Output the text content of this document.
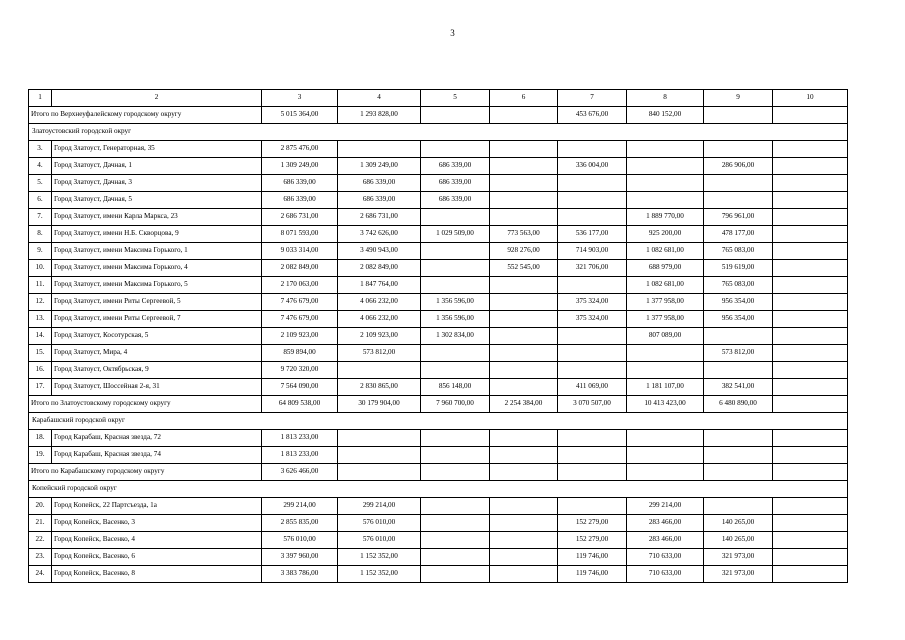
3
1	2	3	4	5	6	7	8	9	10
Итого по Верхнеуфалейскому городскому округу		5 015 364,00	1 293 828,00			453 676,00	840 152,00		
Златоустовский городской округ									
3.	Город Златоуст, Генераторная, 35	2 875 476,00							
4.	Город Златоуст, Дачная, 1	1 309 249,00	1 309 249,00	686 339,00		336 004,00		286 906,00	
5.	Город Златоуст, Дачная, 3	686 339,00	686 339,00	686 339,00					
6.	Город Златоуст, Дачная, 5	686 339,00	686 339,00	686 339,00					
7.	Город Златоуст, имени Карла Маркса, 23	2 686 731,00	2 686 731,00				1 889 770,00	796 961,00	
8.	Город Златоуст, имени Н.Б. Скворцова, 9	8 071 593,00	3 742 626,00	1 029 509,00	773 563,00	536 177,00	925 200,00	478 177,00	
9.	Город Златоуст, имени Максима Горького, 1	9 033 314,00	3 490 943,00		928 276,00	714 903,00	1 082 681,00	765 083,00	
10.	Город Златоуст, имени Максима Горького, 4	2 082 849,00	2 082 849,00		552 545,00	321 706,00	688 979,00	519 619,00	
11.	Город Златоуст, имени Максима Горького, 5	2 170 063,00	1 847 764,00				1 082 681,00	765 083,00	
12.	Город Златоуст, имени Риты Сергеевой, 5	7 476 679,00	4 066 232,00	1 356 596,00		375 324,00	1 377 958,00	956 354,00	
13.	Город Златоуст, имени Риты Сергеевой, 7	7 476 679,00	4 066 232,00	1 356 596,00		375 324,00	1 377 958,00	956 354,00	
14.	Город Златоуст, Косотурская, 5	2 109 923,00	2 109 923,00	1 302 834,00			807 089,00		
15.	Город Златоуст, Мира, 4	859 894,00	573 812,00					573 812,00	
16.	Город Златоуст, Октябрьская, 9	9 720 320,00							
17.	Город Златоуст, Шоссейная 2-я, 31	7 564 090,00	2 830 865,00	856 148,00		411 069,00	1 181 107,00	382 541,00	
Итого по Златоустовскому городскому округу		64 809 538,00	30 179 904,00	7 960 700,00	2 254 384,00	3 070 507,00	10 413 423,00	6 480 890,00	
Карабашский городской округ									
18.	Город Карабаш, Красная звезда, 72	1 813 233,00							
19.	Город Карабаш, Красная звезда, 74	1 813 233,00							
Итого по Карабашскому городскому округу		3 626 466,00							
Копейский городской округ									
20.	Город Копейск, 22 Партсъезда, 1а	299 214,00	299 214,00				299 214,00		
21.	Город Копейск, Васенко, 3	2 855 835,00	576 010,00			152 279,00	283 466,00	140 265,00	
22.	Город Копейск, Васенко, 4	576 010,00	576 010,00			152 279,00	283 466,00	140 265,00	
23.	Город Копейск, Васенко, 6	3 397 960,00	1 152 352,00			119 746,00	710 633,00	321 973,00	
24.	Город Копейск, Васенко, 8	3 383 786,00	1 152 352,00			119 746,00	710 633,00	321 973,00	
